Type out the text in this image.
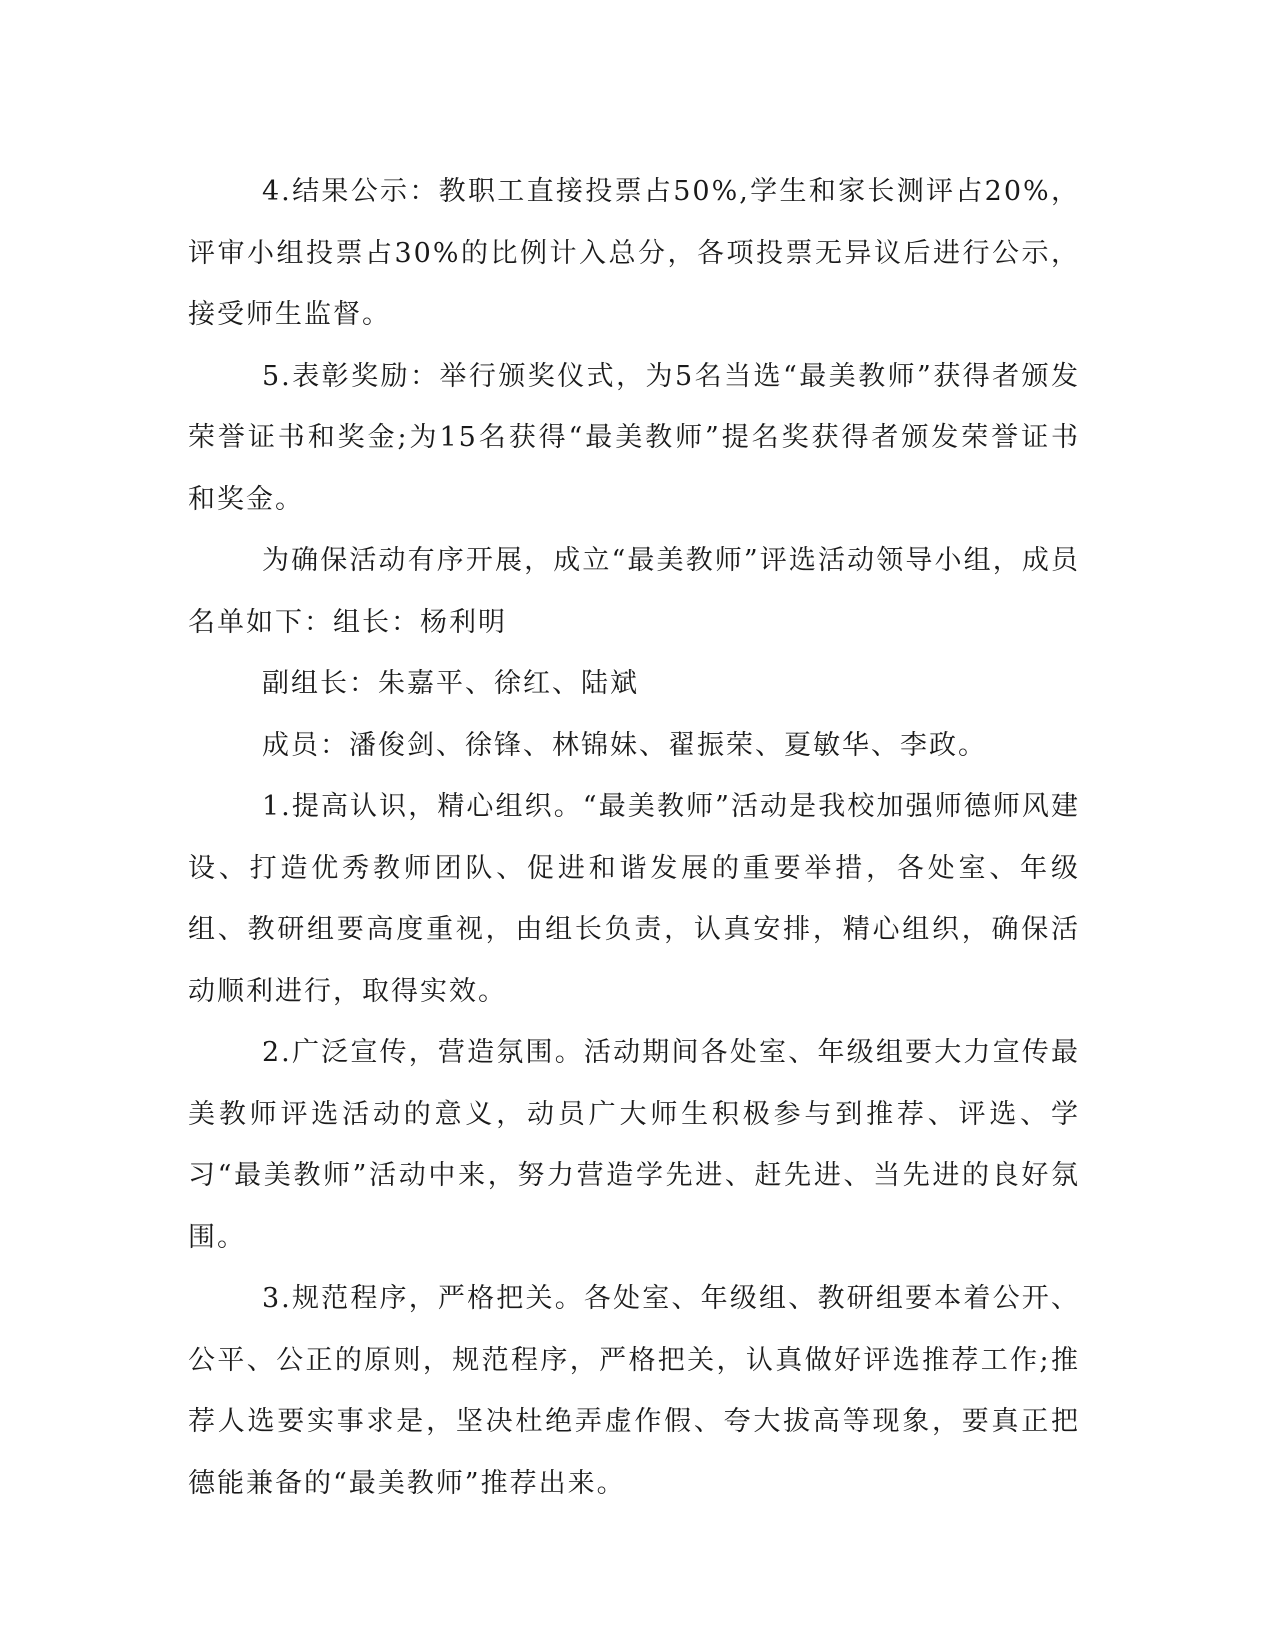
4.结果公示：教职工直接投票占50%,学生和家长测评占20%，评审小组投票占30%的比例计入总分，各项投票无异议后进行公示，接受师生监督。

5.表彰奖励：举行颁奖仪式，为5名当选“最美教师”获得者颁发荣誉证书和奖金;为15名获得“最美教师”提名奖获得者颁发荣誉证书和奖金。

为确保活动有序开展，成立“最美教师”评选活动领导小组，成员名单如下：组长：杨利明

副组长：朱嘉平、徐红、陆斌

成员：潘俊剑、徐锋、林锦妹、翟振荣、夏敏华、李政。

1.提高认识，精心组织。“最美教师”活动是我校加强师德师风建设、打造优秀教师团队、促进和谐发展的重要举措，各处室、年级组、教研组要高度重视，由组长负责，认真安排，精心组织，确保活动顺利进行，取得实效。

2.广泛宣传，营造氛围。活动期间各处室、年级组要大力宣传最美教师评选活动的意义，动员广大师生积极参与到推荐、评选、学习“最美教师”活动中来，努力营造学先进、赶先进、当先进的良好氛围。

3.规范程序，严格把关。各处室、年级组、教研组要本着公开、公平、公正的原则，规范程序，严格把关，认真做好评选推荐工作;推荐人选要实事求是，坚决杜绝弄虚作假、夸大拔高等现象，要真正把德能兼备的“最美教师”推荐出来。
